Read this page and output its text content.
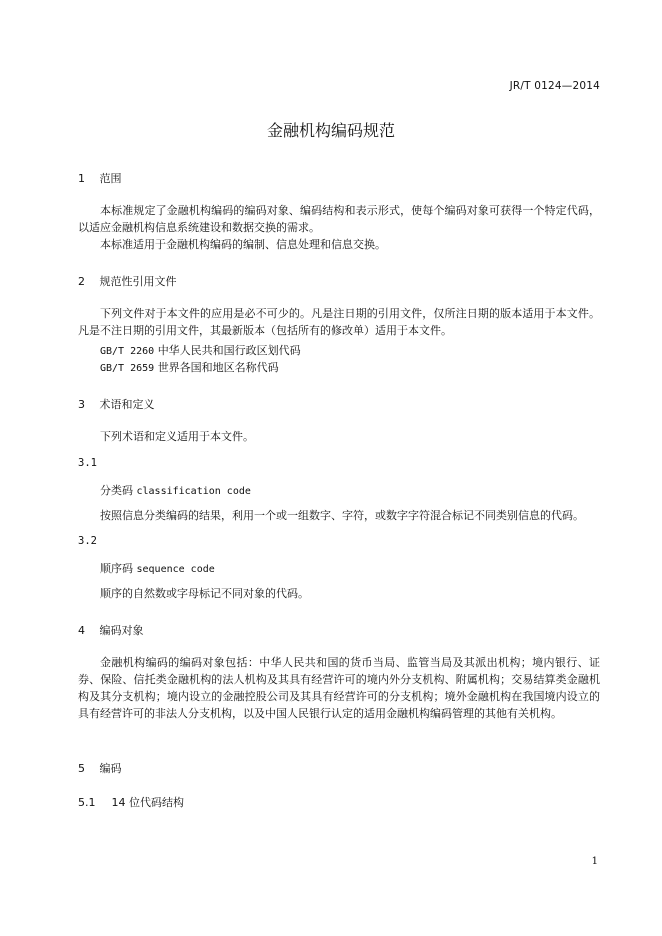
JR/T 0124—2014
金融机构编码规范
1 范围

本标准规定了金融机构编码的编码对象、编码结构和表示形式，使每个编码对象可获得一个特定代码，以适应金融机构信息系统建设和数据交换的需求。

本标准适用于金融机构编码的编制、信息处理和信息交换。

2 规范性引用文件

下列文件对于本文件的应用是必不可少的。凡是注日期的引用文件，仅所注日期的版本适用于本文件。凡是不注日期的引用文件，其最新版本（包括所有的修改单）适用于本文件。

GB/T 2260 中华人民共和国行政区划代码
GB/T 2659 世界各国和地区名称代码
3 术语和定义

下列术语和定义适用于本文件。

3.1
分类码 classification code

按照信息分类编码的结果，利用一个或一组数字、字符，或数字字符混合标记不同类别信息的代码。

3.2
顺序码 sequence code

顺序的自然数或字母标记不同对象的代码。

4 编码对象

金融机构编码的编码对象包括：中华人民共和国的货币当局、监管当局及其派出机构；境内银行、证券、保险、信托类金融机构的法人机构及其具有经营许可的境内外分支机构、附属机构；交易结算类金融机构及其分支机构；境内设立的金融控股公司及其具有经营许可的分支机构；境外金融机构在我国境内设立的具有经营许可的非法人分支机构，以及中国人民银行认定的适用金融机构编码管理的其他有关机构。

5 编码
5.1 14 位代码结构
1
